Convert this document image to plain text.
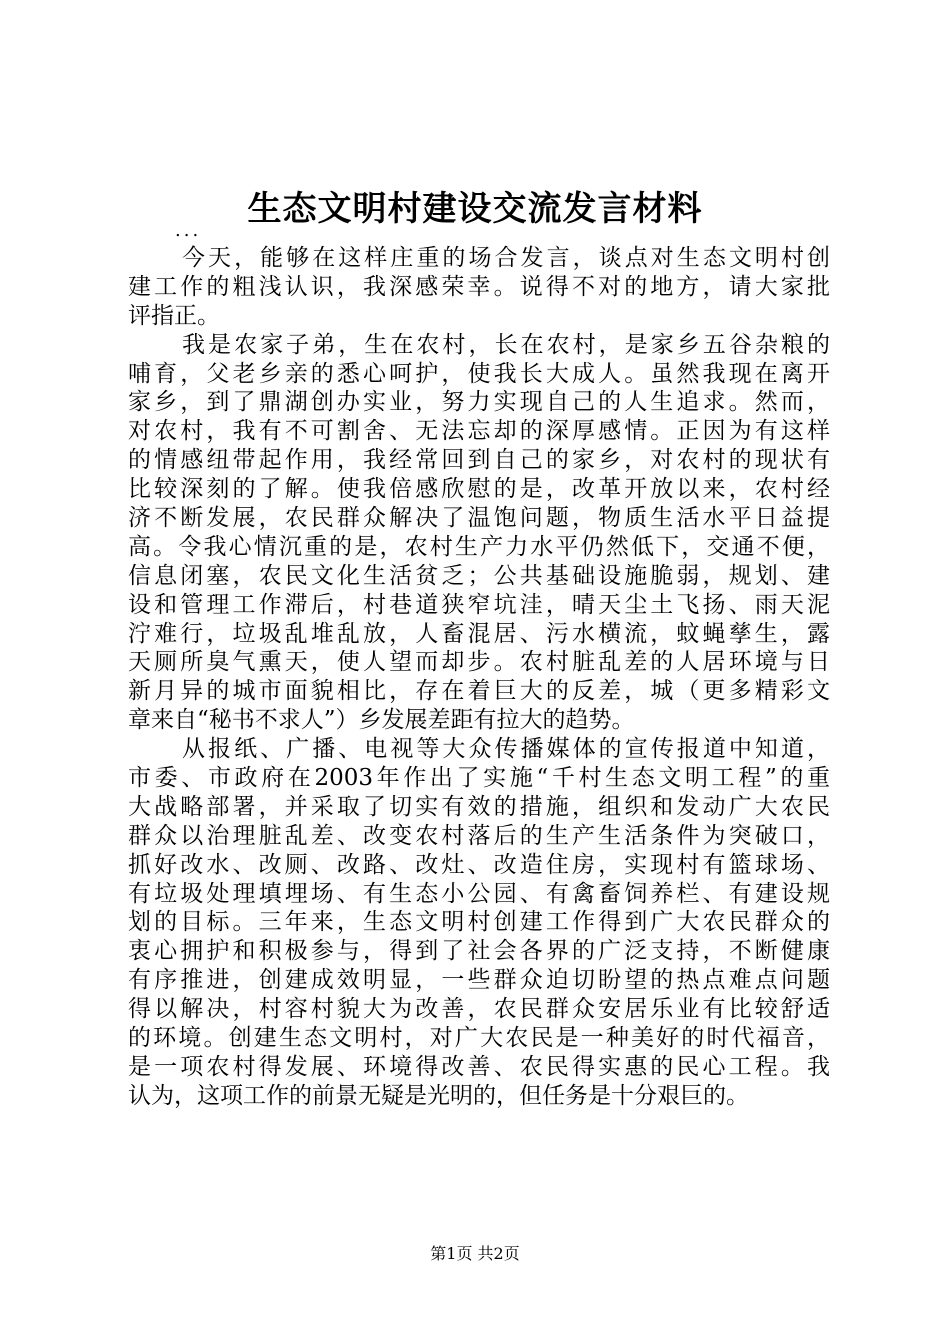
生态文明村建设交流发言材料
...
今天，能够在这样庄重的场合发言，谈点对生态文明村创
建工作的粗浅认识，我深感荣幸。说得不对的地方，请大家批
评指正。
我是农家子弟，生在农村，长在农村，是家乡五谷杂粮的
哺育，父老乡亲的悉心呵护，使我长大成人。虽然我现在离开
家乡，到了鼎湖创办实业，努力实现自己的人生追求。然而，
对农村，我有不可割舍、无法忘却的深厚感情。正因为有这样
的情感纽带起作用，我经常回到自己的家乡，对农村的现状有
比较深刻的了解。使我倍感欣慰的是，改革开放以来，农村经
济不断发展，农民群众解决了温饱问题，物质生活水平日益提
高。令我心情沉重的是，农村生产力水平仍然低下，交通不便，
信息闭塞，农民文化生活贫乏；公共基础设施脆弱，规划、建
设和管理工作滞后，村巷道狭窄坑洼，晴天尘土飞扬、雨天泥
泞难行，垃圾乱堆乱放，人畜混居、污水横流，蚊蝇孳生，露
天厕所臭气熏天，使人望而却步。农村脏乱差的人居环境与日
新月异的城市面貌相比，存在着巨大的反差，城（更多精彩文
章来自“秘书不求人”）乡发展差距有拉大的趋势。
从报纸、广播、电视等大众传播媒体的宣传报道中知道，
市委、市政府在2003年作出了实施“千村生态文明工程”的重
大战略部署，并采取了切实有效的措施，组织和发动广大农民
群众以治理脏乱差、改变农村落后的生产生活条件为突破口，
抓好改水、改厕、改路、改灶、改造住房，实现村有篮球场、
有垃圾处理填埋场、有生态小公园、有禽畜饲养栏、有建设规
划的目标。三年来，生态文明村创建工作得到广大农民群众的
衷心拥护和积极参与，得到了社会各界的广泛支持，不断健康
有序推进，创建成效明显，一些群众迫切盼望的热点难点问题
得以解决，村容村貌大为改善，农民群众安居乐业有比较舒适
的环境。创建生态文明村，对广大农民是一种美好的时代福音，
是一项农村得发展、环境得改善、农民得实惠的民心工程。我
认为，这项工作的前景无疑是光明的，但任务是十分艰巨的。
第1页 共2页
